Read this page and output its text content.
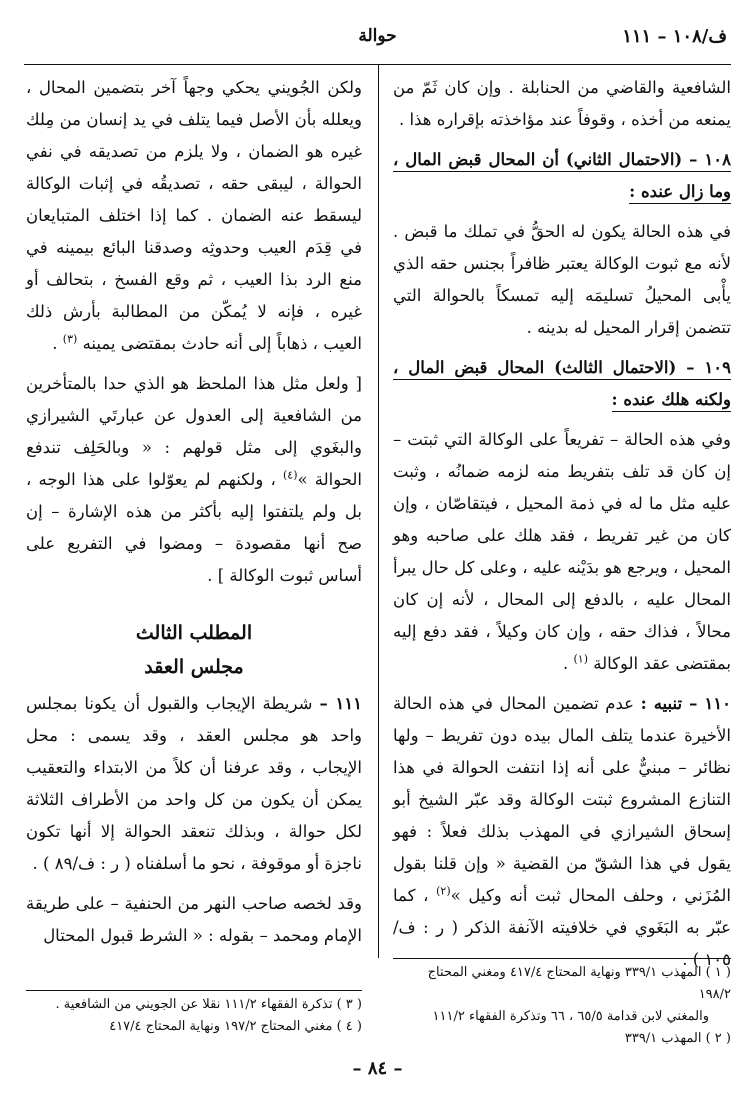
ف/١٠٨ – ١١١
حوالة

الشافعية والقاضي من الحنابلة . وإن كان ثَمّ من يمنعه من أخذه ، وقوفاً عند مؤاخذته بإقراره هذا .

١٠٨ – (الاحتمال الثاني) أن المحال قبض المال ، وما زال عنده :

في هذه الحالة يكون له الحقُّ في تملك ما قبض . لأنه مع ثبوت الوكالة يعتبر ظافراً بجنس حقه الذي يأْبى المحيلُ تسليمَه إليه تمسكاً بالحوالة التي تتضمن إقرار المحيل له بدينه .

١٠٩ – (الاحتمال الثالث) المحال قبض المال ، ولكنه هلك عنده :

وفي هذه الحالة – تفريعاً على الوكالة التي ثبتت – إن كان قد تلف بتفريط منه لزمه ضمانُه ، وثبت عليه مثل ما له في ذمة المحيل ، فيتقاصّان ، وإن كان من غير تفريط ، فقد هلك على صاحبه وهو المحيل ، ويرجع هو بدَيْنه عليه ، وعلى كل حال يبرأ المحال عليه ، بالدفع إلى المحال ، لأنه إن كان محالاً ، فذاك حقه ، وإن كان وكيلاً ، فقد دفع إليه بمقتضى عقد الوكالة $^{(١)}$ .

١١٠ – تنبيه : عدم تضمين المحال في هذه الحالة الأخيرة عندما يتلف المال بيده دون تفريط – ولها نظائر – مبنيٌّ على أنه إذا انتفت الحوالة في هذا التنازع المشروع ثبتت الوكالة وقد عبّر الشيخ أبو إسحاق الشيرازي في المهذب بذلك فعلاً : فهو يقول في هذا الشقّ من القضية « وإن قلنا بقول المُزَني ، وحلف المحال ثبت أنه وكيل »$^{(٢)}$ ، كما عبّر به البَغَوي في خلافيته الآنفة الذكر ( ر : ف/١٠٥ ) .

ولكن الجُويني يحكي وجهاً آخر بتضمين المحال ، ويعلله بأن الأصل فيما يتلف في يد إنسان من مِلك غيره هو الضمان ، ولا يلزم من تصديقه في نفي الحوالة ، ليبقى حقه ، تصديقُه في إثبات الوكالة ليسقط عنه الضمان . كما إذا اختلف المتبايعان في قِدَم العيب وحدوثِه وصدقنا البائع بيمينه في منع الرد بذا العيب ، ثم وقع الفسخ ، بتحالف أو غيره ، فإنه لا يُمكّن من المطالبة بأرش ذلك العيب ، ذهاباً إلى أنه حادث بمقتضى يمينه $^{(٣)}$ .

[ ولعل مثل هذا الملحظ هو الذي حدا بالمتأخرين من الشافعية إلى العدول عن عبارتَي الشيرازي والبغَوي إلى مثل قولهم : « وبالحَلِف تندفع الحوالة »$^{(٤)}$ ، ولكنهم لم يعوّلوا على هذا الوجه ، بل ولم يلتفتوا إليه بأكثر من هذه الإشارة – إن صح أنها مقصودة – ومضوا في التفريع على أساس ثبوت الوكالة ] .

المطلب الثالث
مجلس العقد

١١١ – شريطة الإيجاب والقبول أن يكونا بمجلس واحد هو مجلس العقد ، وقد يسمى : محل الإيجاب ، وقد عرفنا أن كلاً من الابتداء والتعقيب يمكن أن يكون من كل واحد من الأطراف الثلاثة لكل حوالة ، وبذلك تنعقد الحوالة إلا أنها تكون ناجزة أو موقوفة ، نحو ما أسلفناه ( ر : ف/٨٩ ) .

وقد لخصه صاحب النهر من الحنفية – على طريقة الإمام ومحمد – بقوله : « الشرط قبول المحتال

( ١ ) المهذب ٣٣٩/١ ونهاية المحتاج ٤١٧/٤ ومغني المحتاج ١٩٨/٢
والمغني لابن قدامة ٦٥/٥ ، ٦٦ وتذكرة الفقهاء ١١١/٢
( ٢ ) المهذب ٣٣٩/١
( ٣ ) تذكرة الفقهاء ١١١/٢ نقلا عن الجويني من الشافعية .
( ٤ ) مغني المحتاج ١٩٧/٢ ونهاية المحتاج ٤١٧/٤
– ٨٤ –
